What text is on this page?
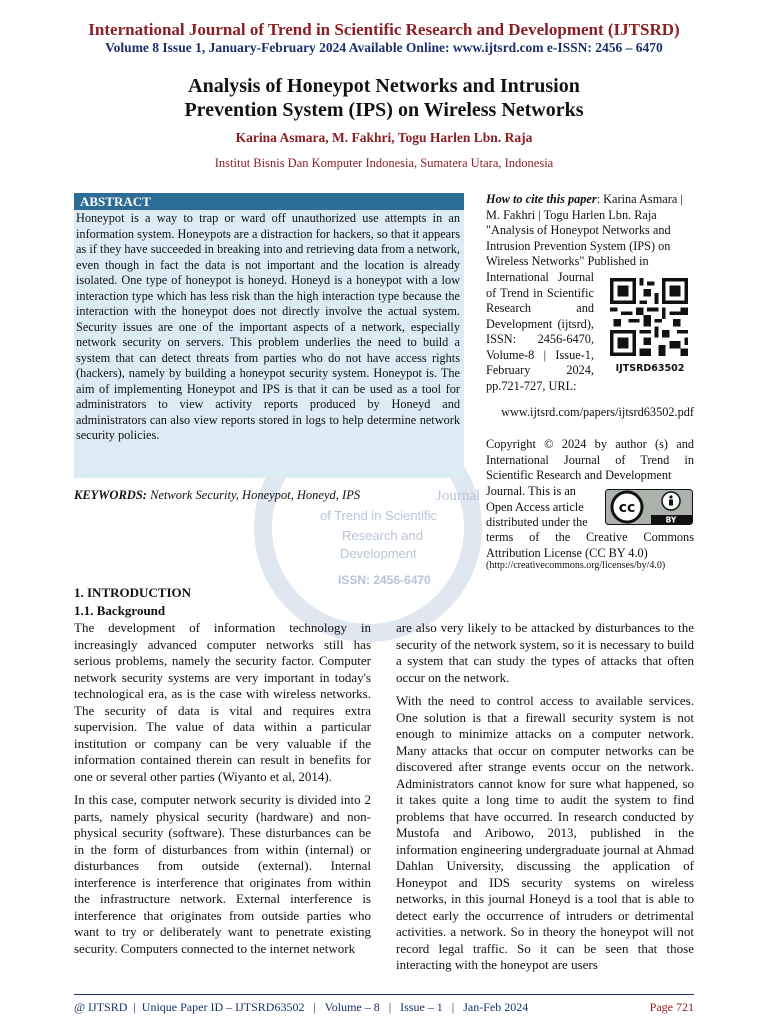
International Journal of Trend in Scientific Research and Development (IJTSRD)
Volume 8 Issue 1, January-February 2024 Available Online: www.ijtsrd.com e-ISSN: 2456 – 6470
Analysis of Honeypot Networks and Intrusion
Prevention System (IPS) on Wireless Networks
Karina Asmara, M. Fakhri, Togu Harlen Lbn. Raja
Institut Bisnis Dan Komputer Indonesia, Sumatera Utara, Indonesia
Journal
of Trend in Scientific
Research and
Development
ISSN: 2456-6470
ABSTRACT
Honeypot is a way to trap or ward off unauthorized use attempts in an information system. Honeypots are a distraction for hackers, so that it appears as if they have succeeded in breaking into and retrieving data from a network, even though in fact the data is not important and the location is already isolated. One type of honeypot is honeyd. Honeyd is a honeypot with a low interaction type which has less risk than the high interaction type because the interaction with the honeypot does not directly involve the actual system. Security issues are one of the important aspects of a network, especially network security on servers. This problem underlies the need to build a system that can detect threats from parties who do not have access rights (hackers), namely by building a honeypot security system. Honeypot is. The aim of implementing Honeypot and IPS is that it can be used as a tool for administrators to view activity reports produced by Honeyd and administrators can also view reports stored in logs to help determine network security policies.
KEYWORDS: Network Security, Honeypot, Honeyd, IPS
How to cite this paper: Karina Asmara | M. Fakhri | Togu Harlen Lbn. Raja "Analysis of Honeypot Networks and Intrusion Prevention System (IPS) on Wireless Networks" Published in
International Journal of Trend in Scientific Research and Development (ijtsrd), ISSN: 2456-6470, Volume-8 | Issue-1, February 2024, pp.721-727, URL:
IJTSRD63502
www.ijtsrd.com/papers/ijtsrd63502.pdf
Copyright © 2024 by author (s) and International Journal of Trend in Scientific Research and Development
Journal. This is an Open Access article distributed under the
cc
BY
terms of the Creative Commons Attribution License (CC BY 4.0)
(http://creativecommons.org/licenses/by/4.0)
1. INTRODUCTION
1.1. Background

The development of information technology in increasingly advanced computer networks still has serious problems, namely the security factor. Computer network security systems are very important in today's technological era, as is the case with wireless networks. The security of data is vital and requires extra supervision. The value of data within a particular institution or company can be very valuable if the information contained therein can result in benefits for one or several other parties (Wiyanto et al, 2014).

In this case, computer network security is divided into 2 parts, namely physical security (hardware) and non-physical security (software). These disturbances can be in the form of disturbances from within (internal) or disturbances from outside (external). Internal interference is interference that originates from within the infrastructure network. External interference is interference that originates from outside parties who want to try or deliberately want to penetrate existing security. Computers connected to the internet network

are also very likely to be attacked by disturbances to the security of the network system, so it is necessary to build a system that can study the types of attacks that often occur on the network.

With the need to control access to available services. One solution is that a firewall security system is not enough to minimize attacks on a computer network. Many attacks that occur on computer networks can be discovered after strange events occur on the network. Administrators cannot know for sure what happened, so it takes quite a long time to audit the system to find problems that have occurred. In research conducted by Mustofa and Aribowo, 2013, published in the information engineering undergraduate journal at Ahmad Dahlan University, discussing the application of Honeypot and IDS security systems on wireless networks, in this journal Honeyd is a tool that is able to detect early the occurrence of intruders or detrimental activities. a network. So in theory the honeypot will not record legal traffic. So it can be seen that those interacting with the honeypot are users

@ IJTSRD  |  Unique Paper ID – IJTSRD63502   |   Volume – 8   |   Issue – 1   |   Jan-Feb 2024	Page 721
